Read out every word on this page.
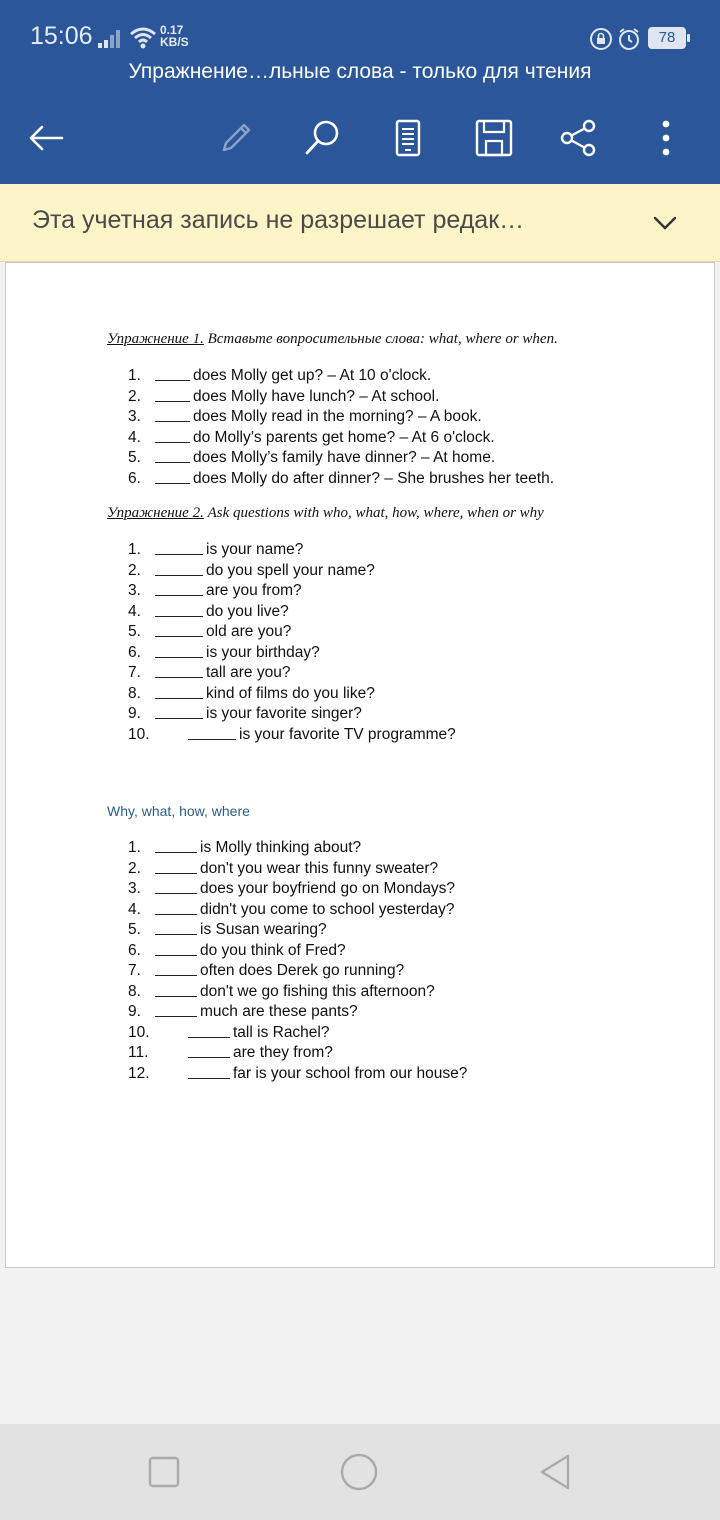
15:06	0.17
KB/S	78
Упражнение…льные слова - только для чтения
Эта учетная запись не разрешает редак…
Упражнение 1. Вставьте вопросительные слова: what, where or when.
1.	does Molly get up? – At 10 o'clock.
2.	does Molly have lunch? – At school.
3.	does Molly read in the morning? – A book.
4.	do Molly’s parents get home? – At 6 o'clock.
5.	does Molly’s family have dinner? – At home.
6.	does Molly do after dinner? – She brushes her teeth.
Упражнение 2. Ask questions with who, what, how, where, when or why
1.	is your name?
2.	do you spell your name?
3.	are you from?
4.	do you live?
5.	old are you?
6.	is your birthday?
7.	tall are you?
8.	kind of films do you like?
9.	is your favorite singer?
10.	is your favorite TV programme?
Why, what, how, where
1.	is Molly thinking about?
2.	don't you wear this funny sweater?
3.	does your boyfriend go on Mondays?
4.	didn't you come to school yesterday?
5.	is Susan wearing?
6.	do you think of Fred?
7.	often does Derek go running?
8.	don't we go fishing this afternoon?
9.	much are these pants?
10.	tall is Rachel?
11.	are they from?
12.	far is your school from our house?
